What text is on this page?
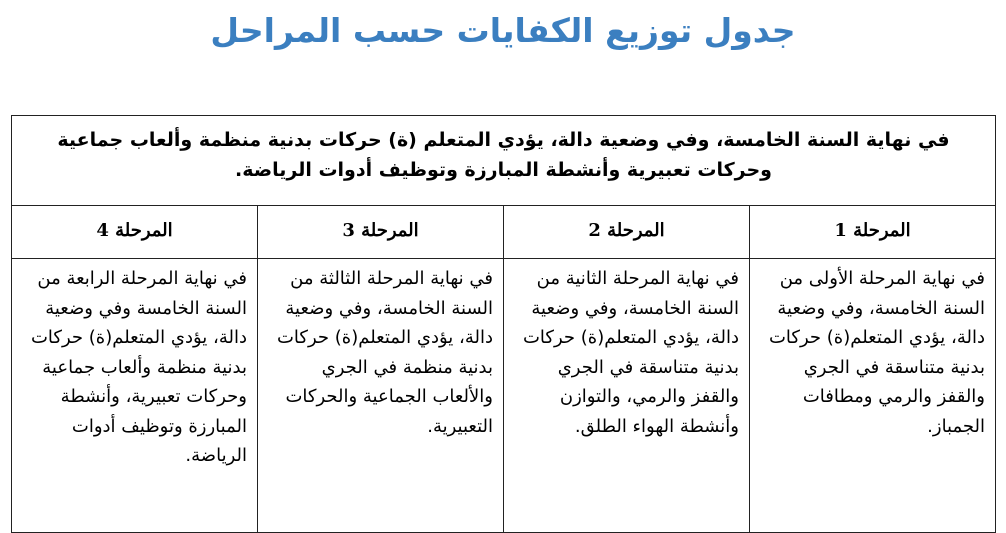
جدول توزيع الكفايات حسب المراحل
في نهاية السنة الخامسة، وفي وضعية دالة، يؤدي المتعلم (ة) حركات بدنية منظمة وألعاب جماعية وحركات تعبيرية وأنشطة المبارزة وتوظيف أدوات الرياضة.			
المرحلة 1	المرحلة 2	المرحلة 3	المرحلة 4
في نهاية المرحلة الأولى من السنة الخامسة، وفي وضعية دالة، يؤدي المتعلم(ة) حركات بدنية متناسقة في الجري والقفز والرمي ومطافات الجمباز.	في نهاية المرحلة الثانية من السنة الخامسة، وفي وضعية دالة، يؤدي المتعلم(ة) حركات بدنية متناسقة في الجري والقفز والرمي، والتوازن وأنشطة الهواء الطلق.	في نهاية المرحلة الثالثة من السنة الخامسة، وفي وضعية دالة، يؤدي المتعلم(ة) حركات بدنية منظمة في الجري والألعاب الجماعية والحركات التعبيرية.	في نهاية المرحلة الرابعة من السنة الخامسة وفي وضعية دالة، يؤدي المتعلم(ة) حركات بدنية منظمة وألعاب جماعية وحركات تعبيرية، وأنشطة المبارزة وتوظيف أدوات الرياضة.
